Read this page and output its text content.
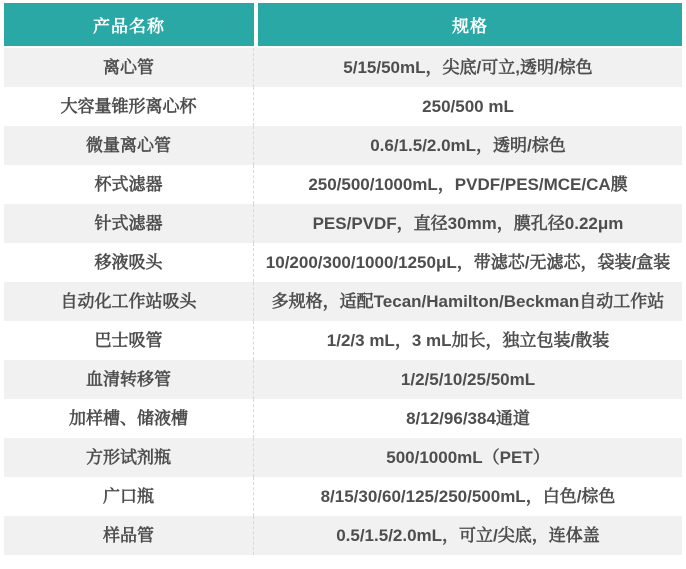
产品名称	规格
离心管	5/15/50mL，尖底/可立,透明/棕色
大容量锥形离心杯	250/500 mL
微量离心管	0.6/1.5/2.0mL，透明/棕色
杯式滤器	250/500/1000mL，PVDF/PES/MCE/CA膜
针式滤器	PES/PVDF，直径30mm，膜孔径0.22μm
移液吸头	10/200/300/1000/1250μL，带滤芯/无滤芯，袋装/盒装
自动化工作站吸头	多规格，适配Tecan/Hamilton/Beckman自动工作站
巴士吸管	1/2/3 mL，3 mL加长，独立包装/散装
血清转移管	1/2/5/10/25/50mL
加样槽、储液槽	8/12/96/384通道
方形试剂瓶	500/1000mL（PET）
广口瓶	8/15/30/60/125/250/500mL，白色/棕色
样品管	0.5/1.5/2.0mL，可立/尖底，连体盖
